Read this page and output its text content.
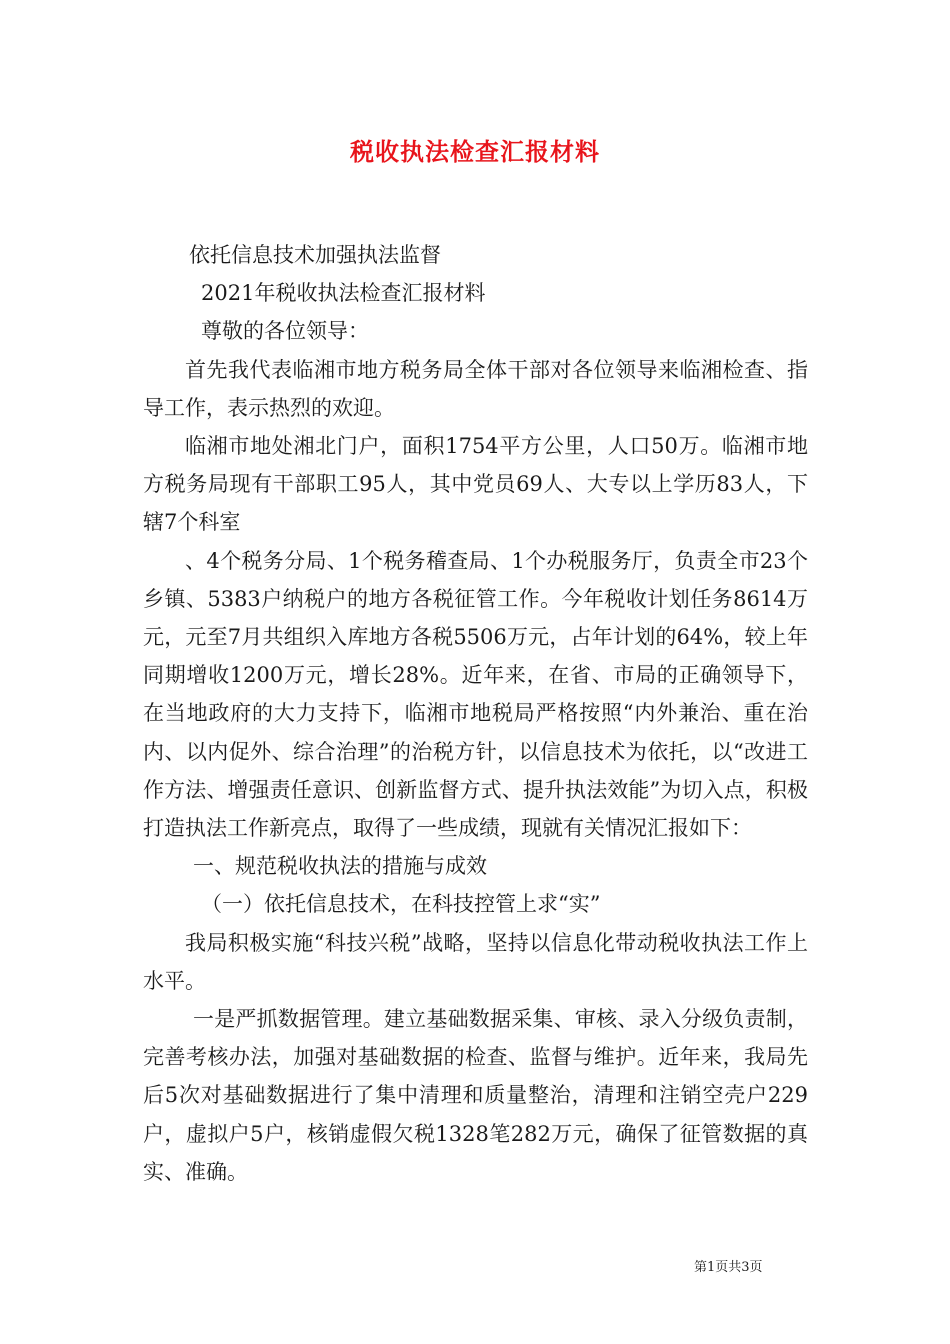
税收执法检查汇报材料

依托信息技术加强执法监督

2021年税收执法检查汇报材料

尊敬的各位领导：

首先我代表临湘市地方税务局全体干部对各位领导来临湘检查、指导工作，表示热烈的欢迎。

临湘市地处湘北门户，面积1754平方公里，人口50万。临湘市地方税务局现有干部职工95人，其中党员69人、大专以上学历83人，下辖7个科室

、4个税务分局、1个税务稽查局、1个办税服务厅，负责全市23个乡镇、5383户纳税户的地方各税征管工作。今年税收计划任务8614万元，元至7月共组织入库地方各税5506万元，占年计划的64%，较上年同期增收1200万元，增长28%。近年来，在省、市局的正确领导下，在当地政府的大力支持下，临湘市地税局严格按照“内外兼治、重在治内、以内促外、综合治理”的治税方针，以信息技术为依托，以“改进工作方法、增强责任意识、创新监督方式、提升执法效能”为切入点，积极打造执法工作新亮点，取得了一些成绩，现就有关情况汇报如下：

一、规范税收执法的措施与成效

（一）依托信息技术，在科技控管上求“实”

我局积极实施“科技兴税”战略，坚持以信息化带动税收执法工作上水平。

一是严抓数据管理。建立基础数据采集、审核、录入分级负责制，完善考核办法，加强对基础数据的检查、监督与维护。近年来，我局先后5次对基础数据进行了集中清理和质量整治，清理和注销空壳户229户，虚拟户5户，核销虚假欠税1328笔282万元，确保了征管数据的真实、准确。

第1页共3页
